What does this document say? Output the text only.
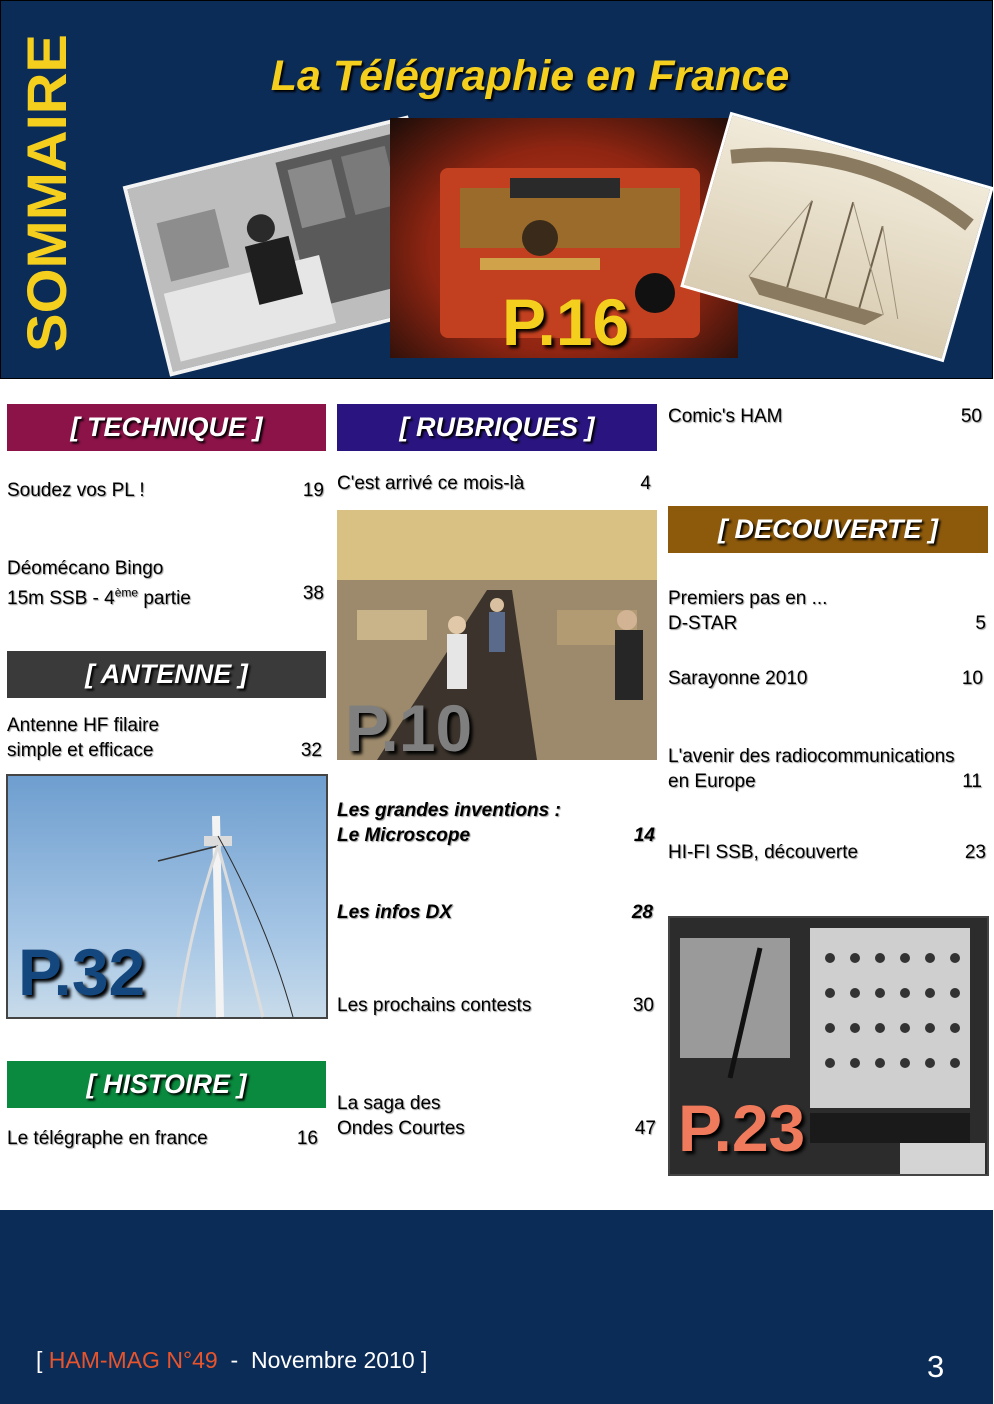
SOMMAIRE	La Télégraphie en France
P.16
[ TECHNIQUE ]
Soudez vos PL !	19
Déomécano Bingo
15m SSB - 4ème partie	38
[ ANTENNE ]
Antenne HF filaire
simple et efficace	32
P.32
[ HISTOIRE ]
Le télégraphe en france	16
[ RUBRIQUES ]
C'est arrivé ce mois-là	4
P.10
Les grandes inventions :
Le Microscope	14
Les infos DX	28
Les prochains contests	30
La saga des
Ondes Courtes	47
Comic's HAM	50
[ DECOUVERTE ]
Premiers pas en ...
D-STAR	5
Sarayonne 2010	10
L'avenir des radiocommunications
en Europe	11
HI-FI SSB, découverte	23
P.23
[ HAM-MAG N°49  -  Novembre 2010 ]	3
